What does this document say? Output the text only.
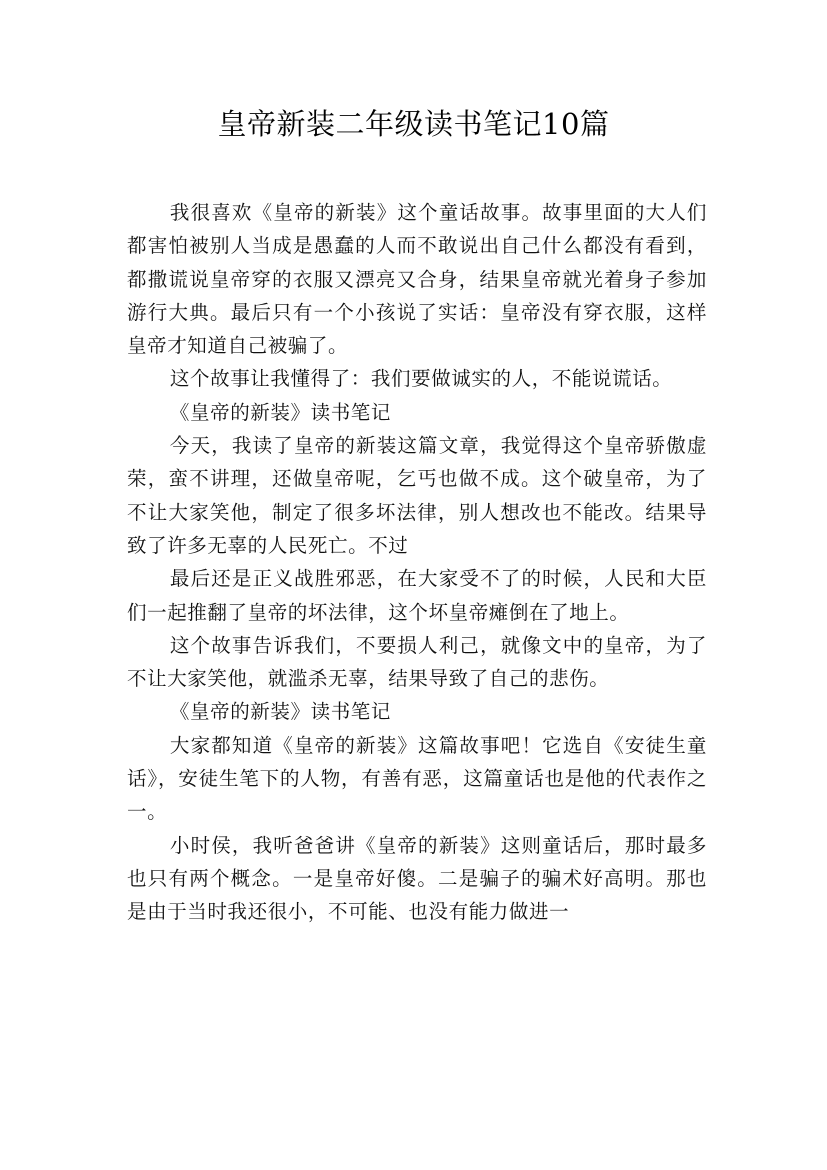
皇帝新装二年级读书笔记10篇

我很喜欢《皇帝的新装》这个童话故事。故事里面的大人们都害怕被别人当成是愚蠢的人而不敢说出自己什么都没有看到，都撒谎说皇帝穿的衣服又漂亮又合身，结果皇帝就光着身子参加游行大典。最后只有一个小孩说了实话：皇帝没有穿衣服，这样皇帝才知道自己被骗了。

这个故事让我懂得了：我们要做诚实的人，不能说谎话。

《皇帝的新装》读书笔记

今天，我读了皇帝的新装这篇文章，我觉得这个皇帝骄傲虚荣，蛮不讲理，还做皇帝呢，乞丐也做不成。这个破皇帝，为了不让大家笑他，制定了很多坏法律，别人想改也不能改。结果导致了许多无辜的人民死亡。不过

最后还是正义战胜邪恶，在大家受不了的时候，人民和大臣们一起推翻了皇帝的坏法律，这个坏皇帝瘫倒在了地上。

这个故事告诉我们，不要损人利己，就像文中的皇帝，为了不让大家笑他，就滥杀无辜，结果导致了自己的悲伤。

《皇帝的新装》读书笔记

大家都知道《皇帝的新装》这篇故事吧！它选自《安徒生童话》，安徒生笔下的人物，有善有恶，这篇童话也是他的代表作之一。

小时侯，我听爸爸讲《皇帝的新装》这则童话后，那时最多也只有两个概念。一是皇帝好傻。二是骗子的骗术好高明。那也是由于当时我还很小，不可能、也没有能力做进一
